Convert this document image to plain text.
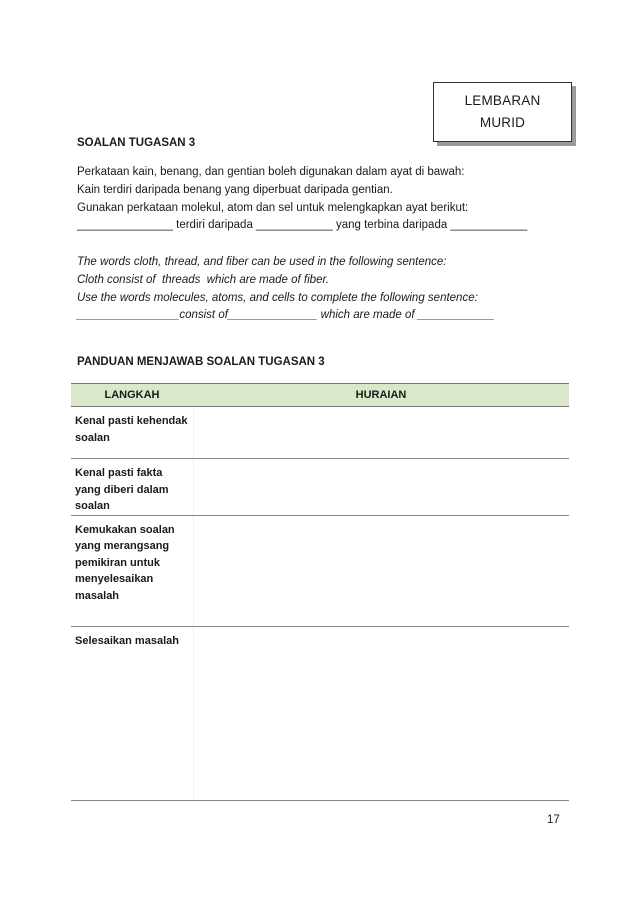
LEMBARAN
MURID
SOALAN TUGASAN 3
Perkataan kain, benang, dan gentian boleh digunakan dalam ayat di bawah:
Kain terdiri daripada benang yang diperbuat daripada gentian.
Gunakan perkataan molekul, atom dan sel untuk melengkapkan ayat berikut:
_______________ terdiri daripada ____________ yang terbina daripada ____________
The words cloth, thread, and fiber can be used in the following sentence:
Cloth consist of  threads  which are made of fiber.
Use the words molecules, atoms, and cells to complete the following sentence:
________________consist of______________ which are made of ____________
PANDUAN MENJAWAB SOALAN TUGASAN 3
LANGKAH	HURAIAN
Kenal pasti kehendak soalan	
Kenal pasti fakta yang diberi dalam soalan	
Kemukakan soalan yang merangsang pemikiran untuk menyelesaikan masalah	
Selesaikan masalah	
17
